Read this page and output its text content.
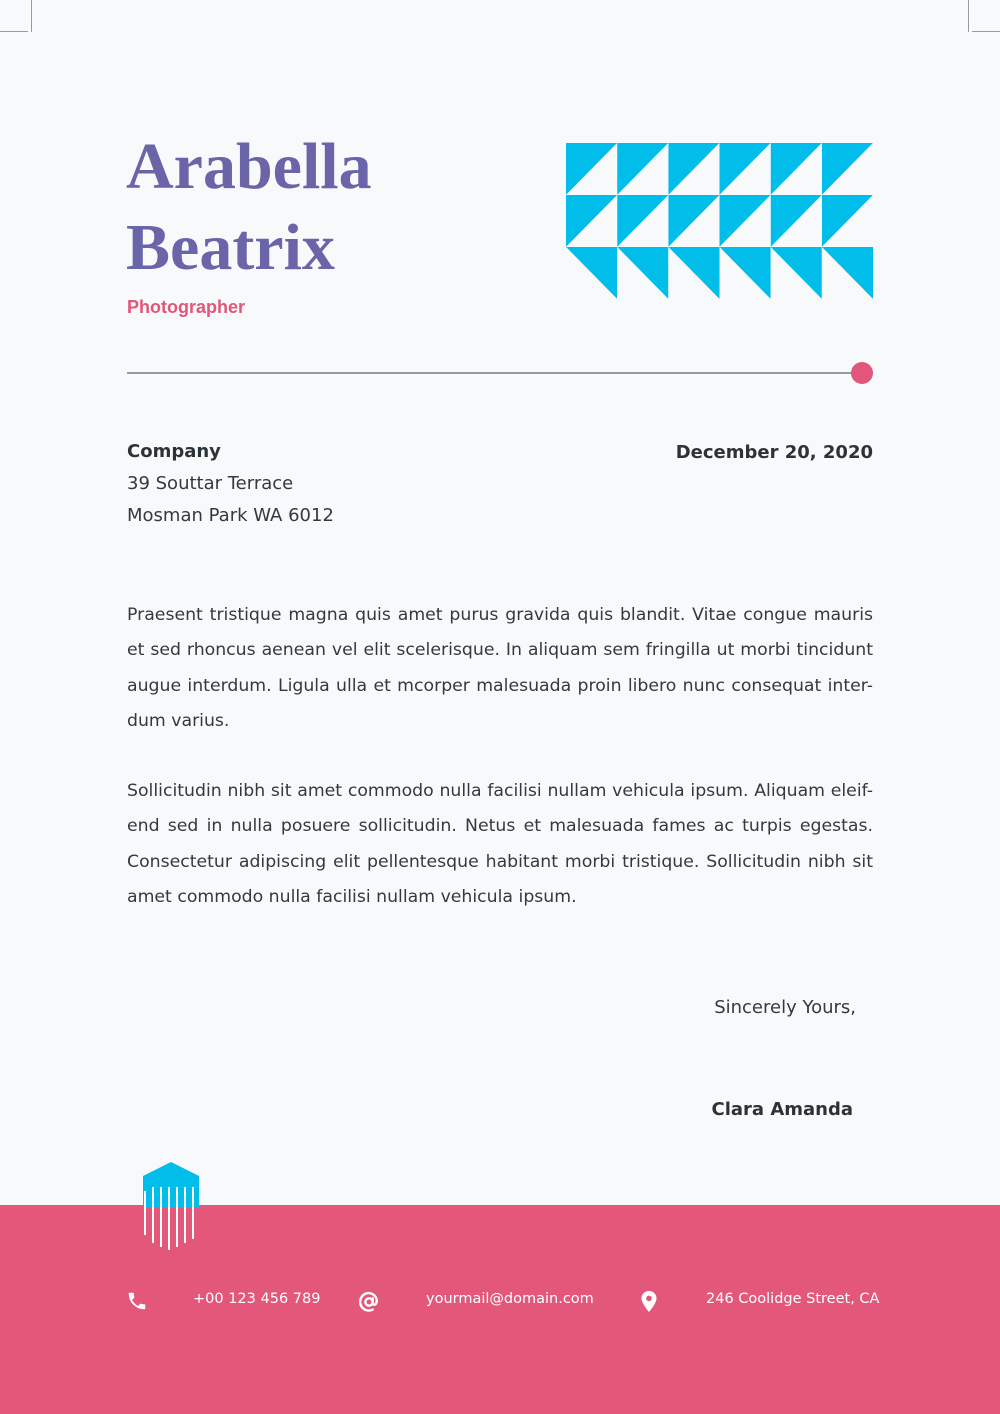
Arabella
Beatrix
Photographer
Company
39 Souttar Terrace
Mosman Park WA 6012
December 20, 2020

Praesent tristique magna quis amet purus gravida quis blandit. Vitae congue mauris et sed rhoncus aenean vel elit scelerisque. In aliquam sem fringilla ut morbi tincidunt augue interdum. Ligula ulla et mcorper malesuada proin libero nunc consequat inter-dum varius.

Sollicitudin nibh sit amet commodo nulla facilisi nullam vehicula ipsum. Aliquam eleif-end sed in nulla posuere sollicitudin. Netus et malesuada fames ac turpis egestas. Consectetur adipiscing elit pellentesque habitant morbi tristique. Sollicitudin nibh sit amet commodo nulla facilisi nullam vehicula ipsum.

Sincerely Yours,
Clara Amanda
+00 123 456 789	yourmail@domain.com	246 Coolidge Street, CA
